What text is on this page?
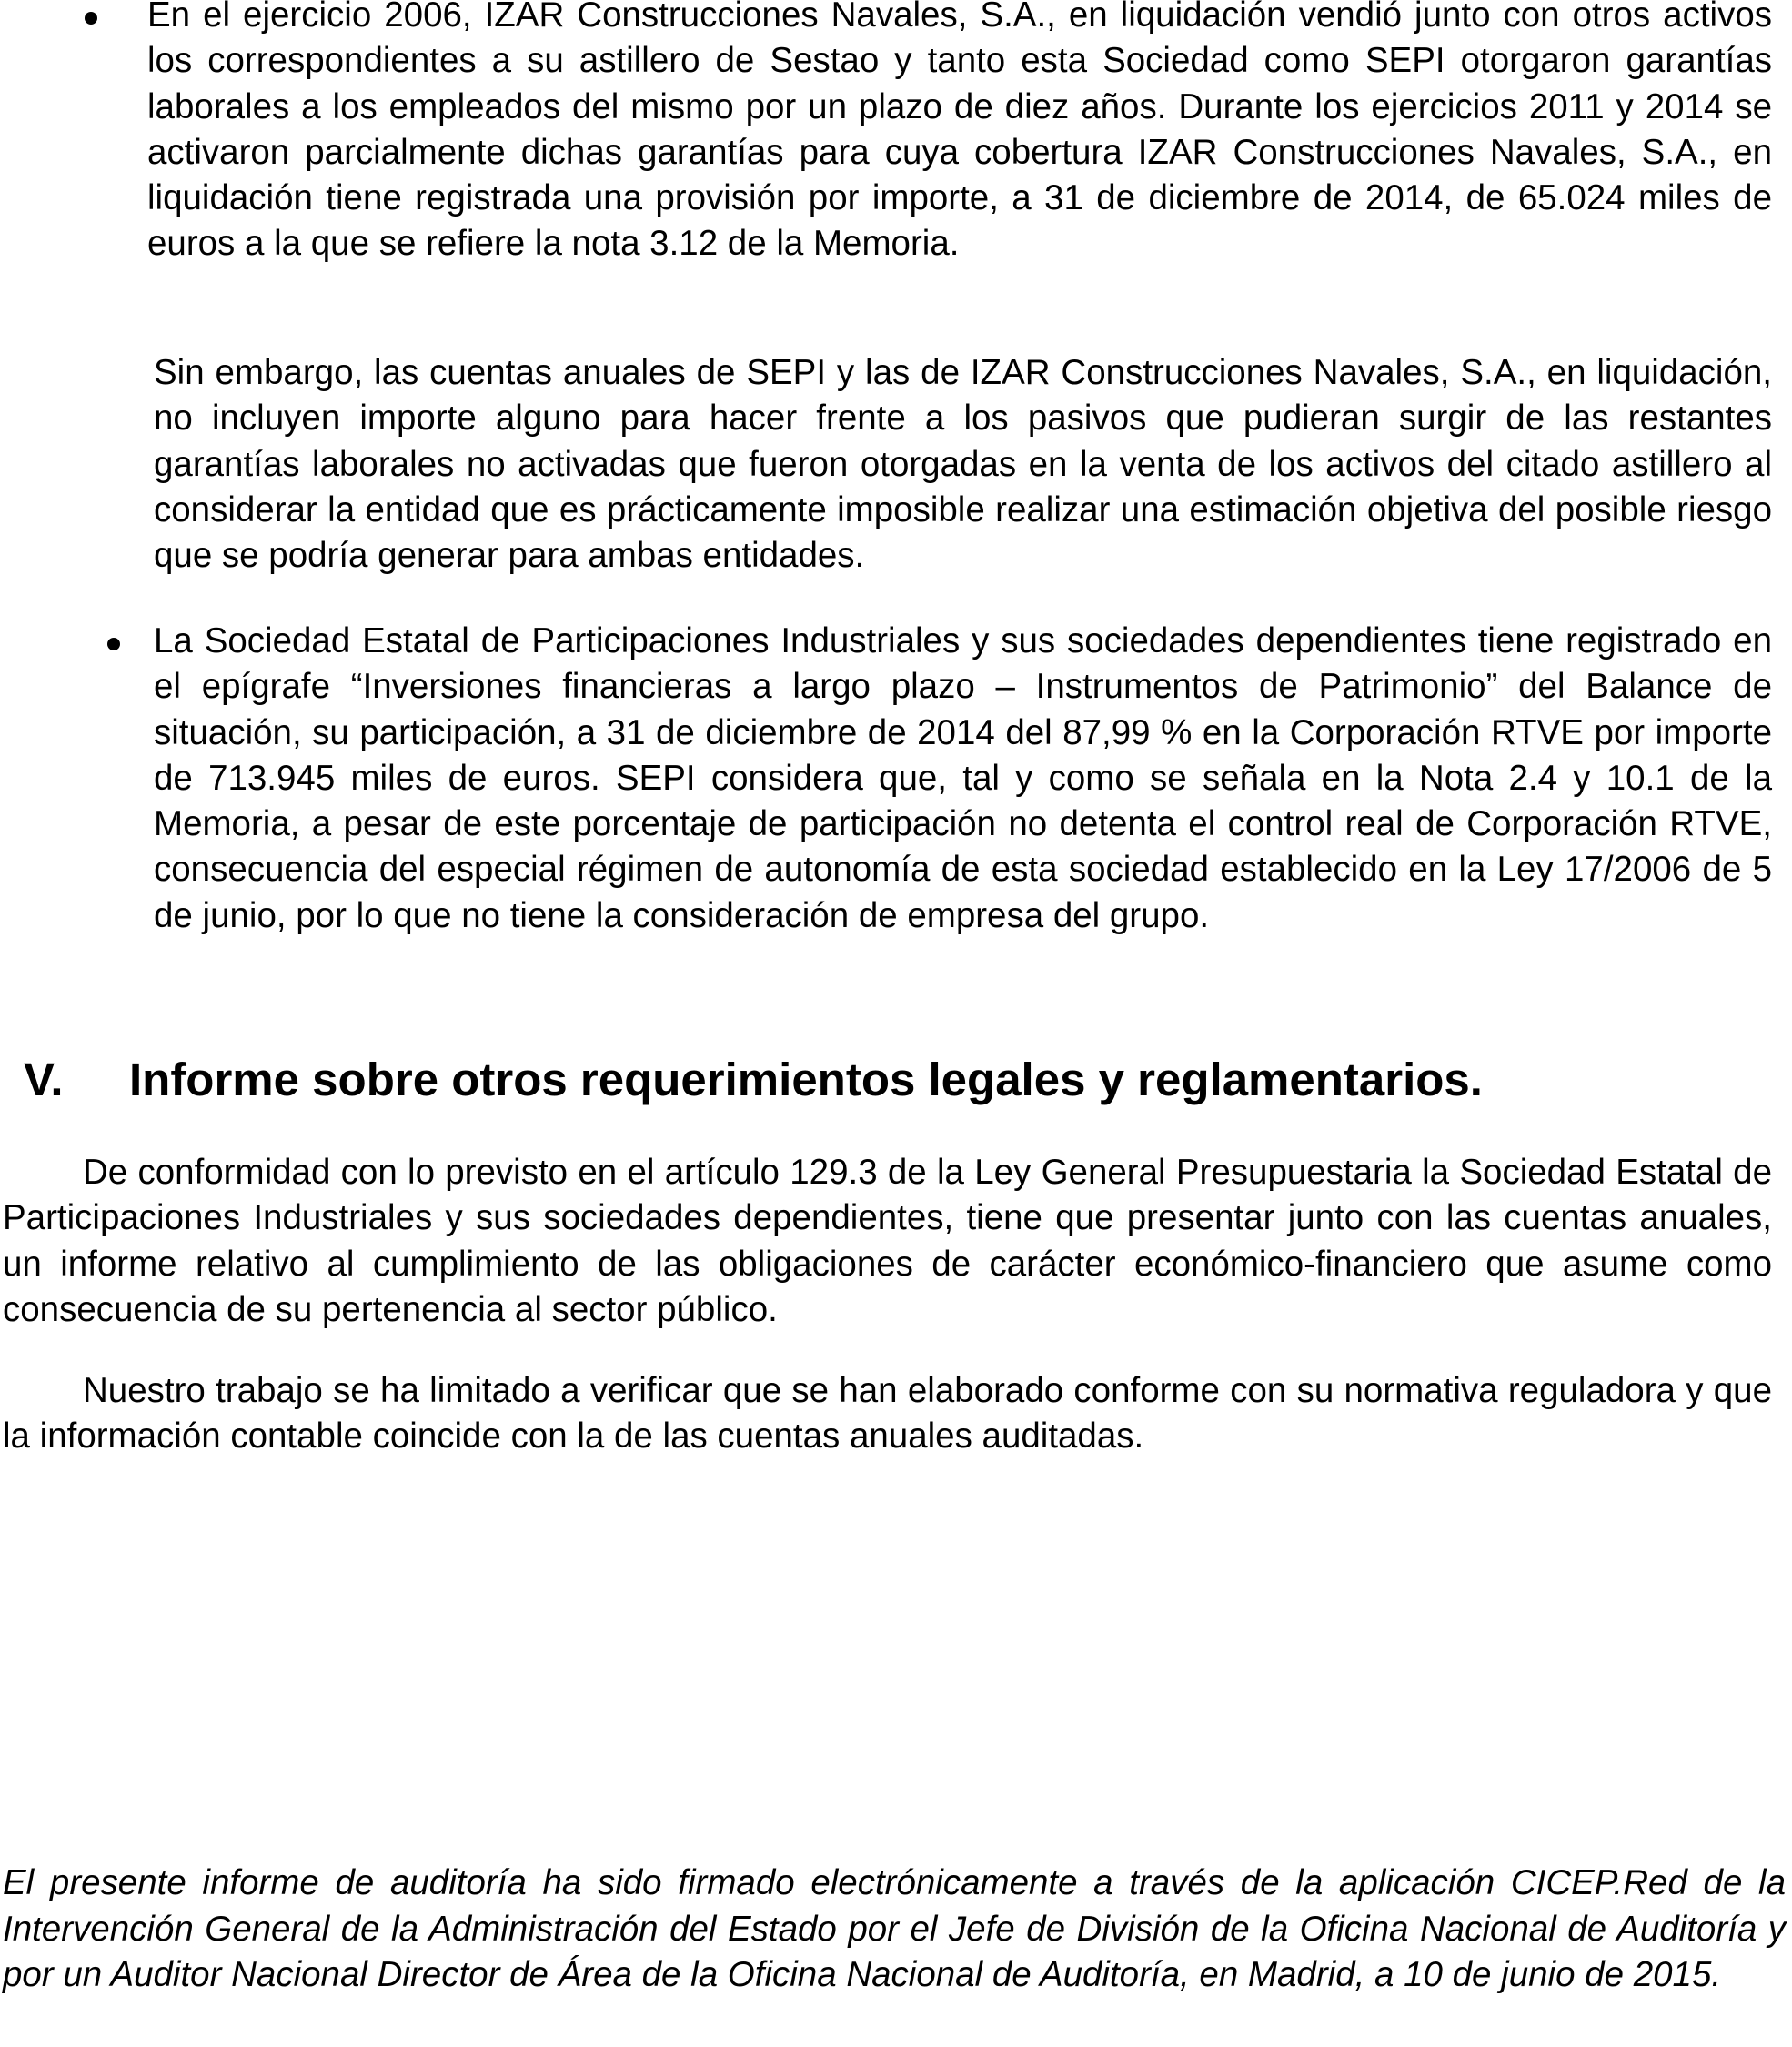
En el ejercicio 2006, IZAR Construcciones Navales, S.A., en liquidación vendió junto con otros activos los correspondientes a su astillero de Sestao y tanto esta Sociedad como SEPI otorgaron garantías laborales a los empleados del mismo por un plazo de diez años. Durante los ejercicios 2011 y 2014 se activaron parcialmente dichas garantías para cuya cobertura IZAR Construcciones Navales, S.A., en liquidación tiene registrada una provisión por importe, a 31 de diciembre de 2014, de 65.024 miles de euros a la que se refiere la nota 3.12 de la Memoria.

Sin embargo, las cuentas anuales de SEPI y las de IZAR Construcciones Navales, S.A., en liquidación, no incluyen importe alguno para hacer frente a los pasivos que pudieran surgir de las restantes garantías laborales no activadas que fueron otorgadas en la venta de los activos del citado astillero al considerar la entidad que es prácticamente imposible realizar una estimación objetiva del posible riesgo que se podría generar para ambas entidades.

La Sociedad Estatal de Participaciones Industriales y sus sociedades dependientes tiene registrado en el epígrafe “Inversiones financieras a largo plazo – Instrumentos de Patrimonio” del Balance de situación, su participación, a 31 de diciembre de 2014 del 87,99 % en la Corporación RTVE por importe de 713.945 miles de euros. SEPI considera que, tal y como se señala en la Nota 2.4 y 10.1 de la Memoria, a pesar de este porcentaje de participación no detenta el control real de Corporación RTVE, consecuencia del especial régimen de autonomía de esta sociedad establecido en la Ley 17/2006 de 5 de junio, por lo que no tiene la consideración de empresa del grupo.

V. Informe sobre otros requerimientos legales y reglamentarios.

De conformidad con lo previsto en el artículo 129.3 de la Ley General Presupuestaria la Sociedad Estatal de Participaciones Industriales y sus sociedades dependientes, tiene que presentar junto con las cuentas anuales, un informe relativo al cumplimiento de las obligaciones de carácter económico-financiero que asume como consecuencia de su pertenencia al sector público.

Nuestro trabajo se ha limitado a verificar que se han elaborado conforme con su normativa reguladora y que la información contable coincide con la de las cuentas anuales auditadas.

El presente informe de auditoría ha sido firmado electrónicamente a través de la aplicación CICEP.Red de la Intervención General de la Administración del Estado por el Jefe de División de la Oficina Nacional de Auditoría y por un Auditor Nacional Director de Área de la Oficina Nacional de Auditoría, en Madrid, a 10 de junio de 2015.
